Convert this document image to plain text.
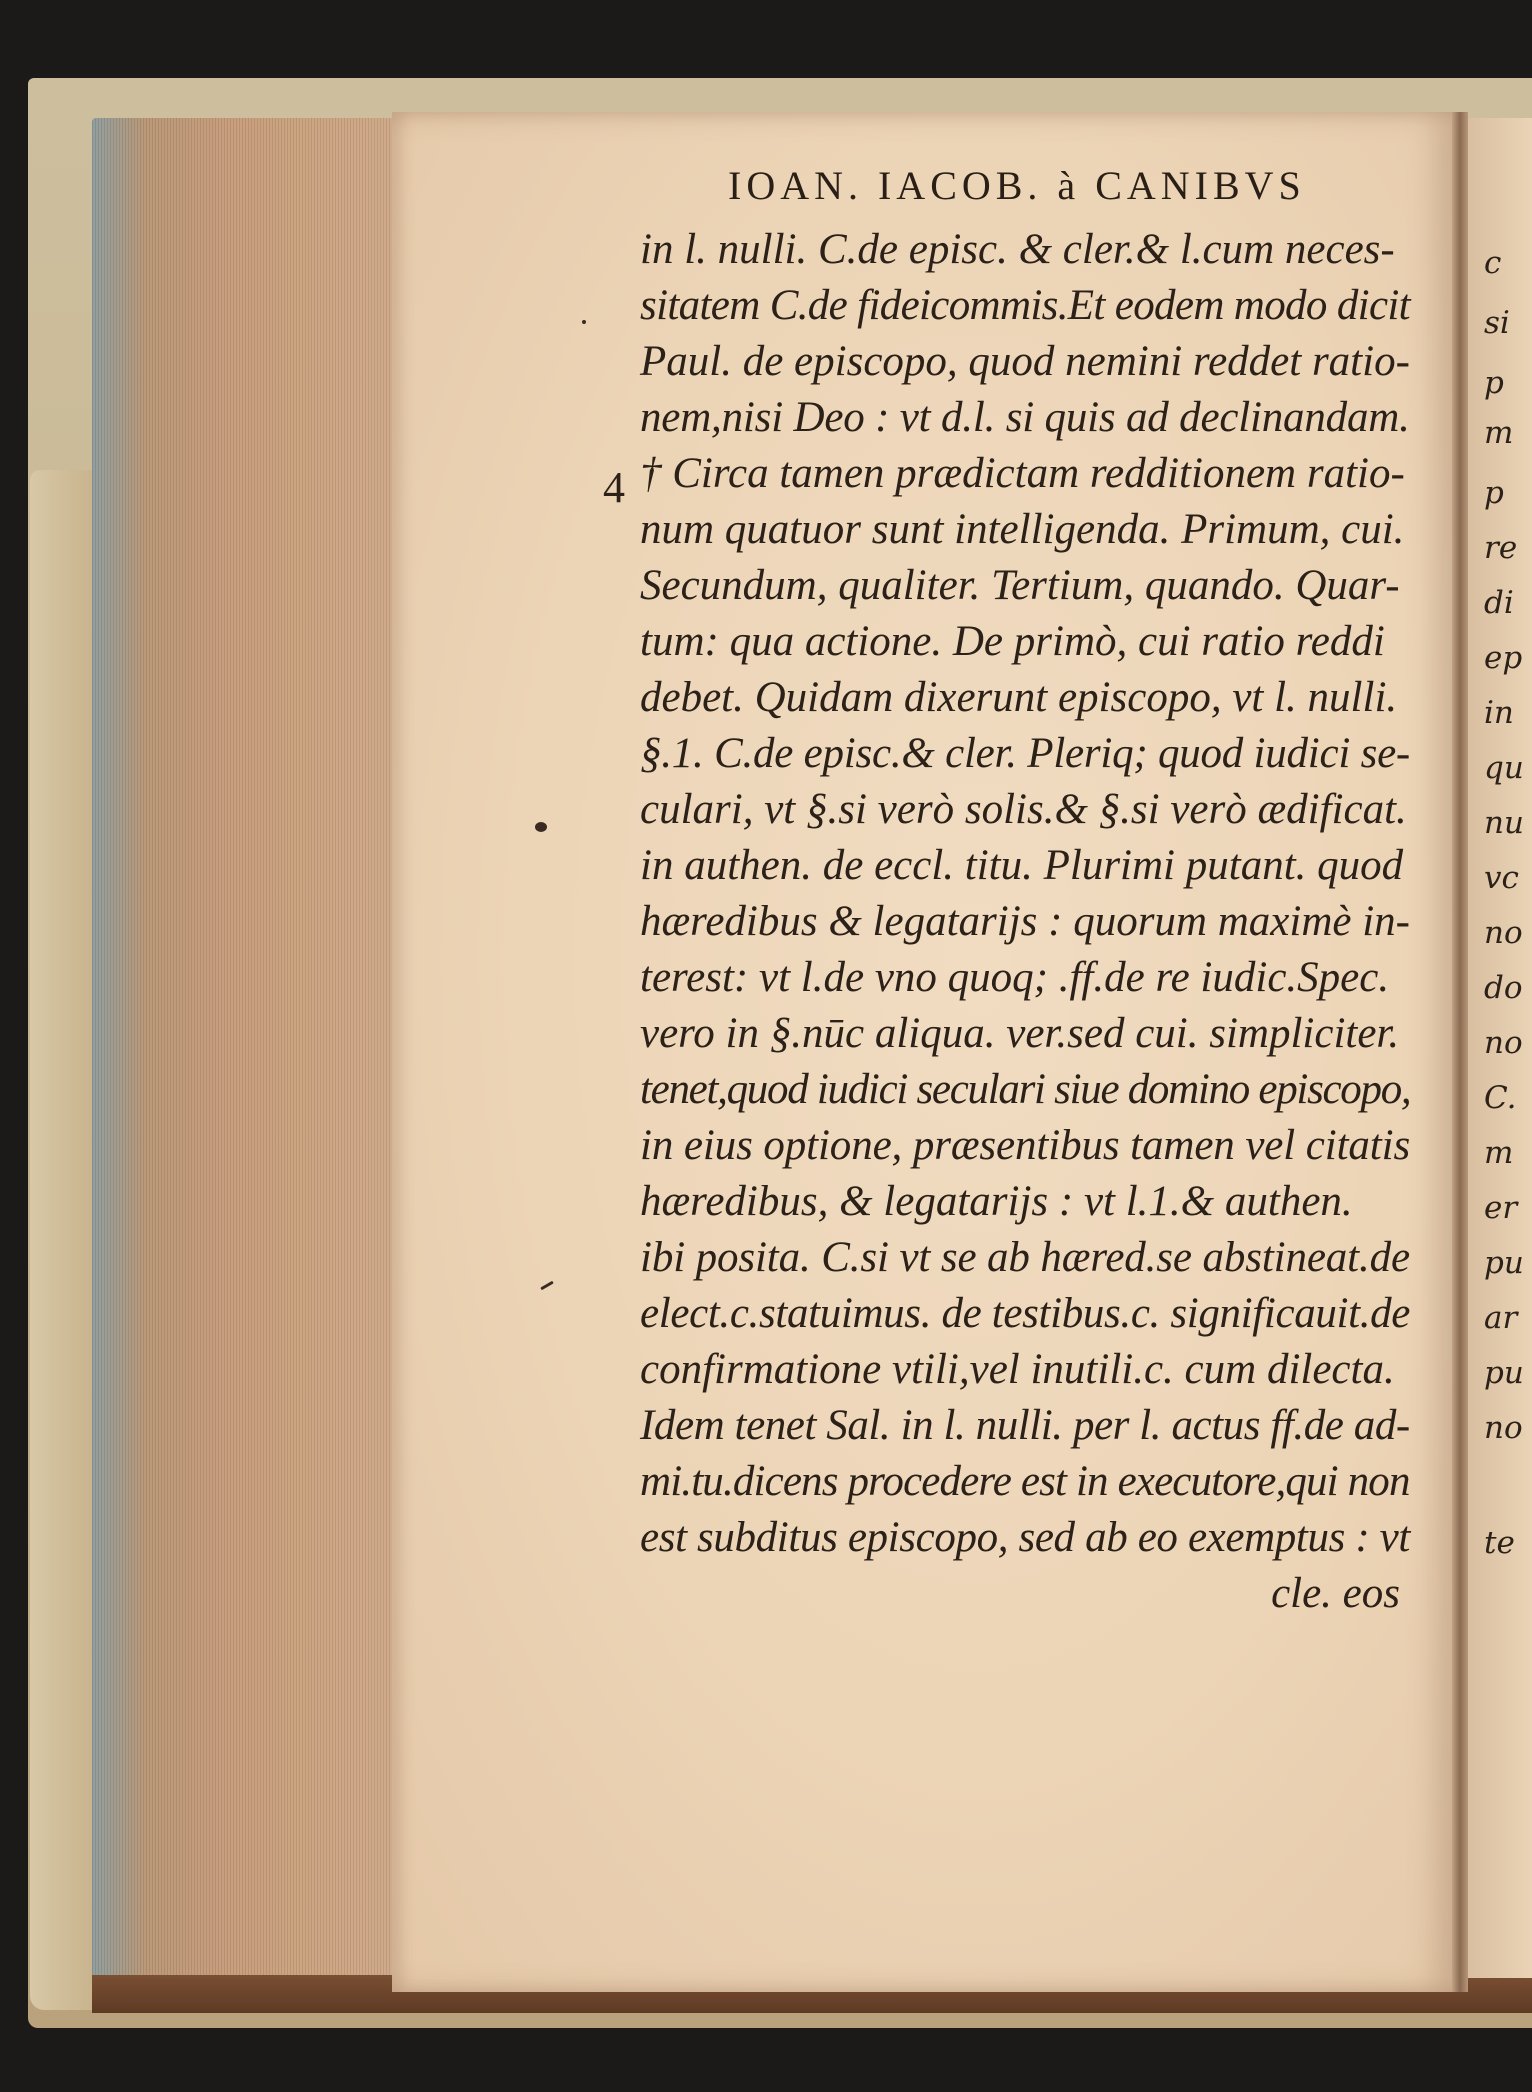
c
si
p
m
p
re
di
ep
in
qu
nu
vc
no
do
no
C.
m
er
pu
ar
pu
no
te
IOAN. IACOB. à CANIBVS
4
in l. nulli. C.de episc. & cler.& l.cum neces-
sitatem C.de fideicommis.Et eodem modo dicit
Paul. de episcopo, quod nemini reddet ratio-
nem,nisi Deo : vt d.l. si quis ad declinandam.
† Circa tamen prædictam redditionem ratio-
num quatuor sunt intelligenda. Primum, cui.
Secundum, qualiter. Tertium, quando. Quar-
tum: qua actione. De primò, cui ratio reddi
debet. Quidam dixerunt episcopo, vt l. nulli.
§.1. C.de episc.& cler. Pleriq; quod iudici se-
culari, vt §.si verò solis.& §.si verò ædificat.
in authen. de eccl. titu. Plurimi putant. quod
hæredibus & legatarijs : quorum maximè in-
terest: vt l.de vno quoq; .ff.de re iudic.Spec.
vero in §.nūc aliqua. ver.sed cui. simpliciter.
tenet,quod iudici seculari siue domino episcopo,
in eius optione, præsentibus tamen vel citatis
hæredibus, & legatarijs : vt l.1.& authen.
ibi posita. C.si vt se ab hæred.se abstineat.de
elect.c.statuimus. de testibus.c. significauit.de
confirmatione vtili,vel inutili.c. cum dilecta.
Idem tenet Sal. in l. nulli. per l. actus ff.de ad-
mi.tu.dicens procedere est in executore,qui non
est subditus episcopo, sed ab eo exemptus : vt
cle. eos
